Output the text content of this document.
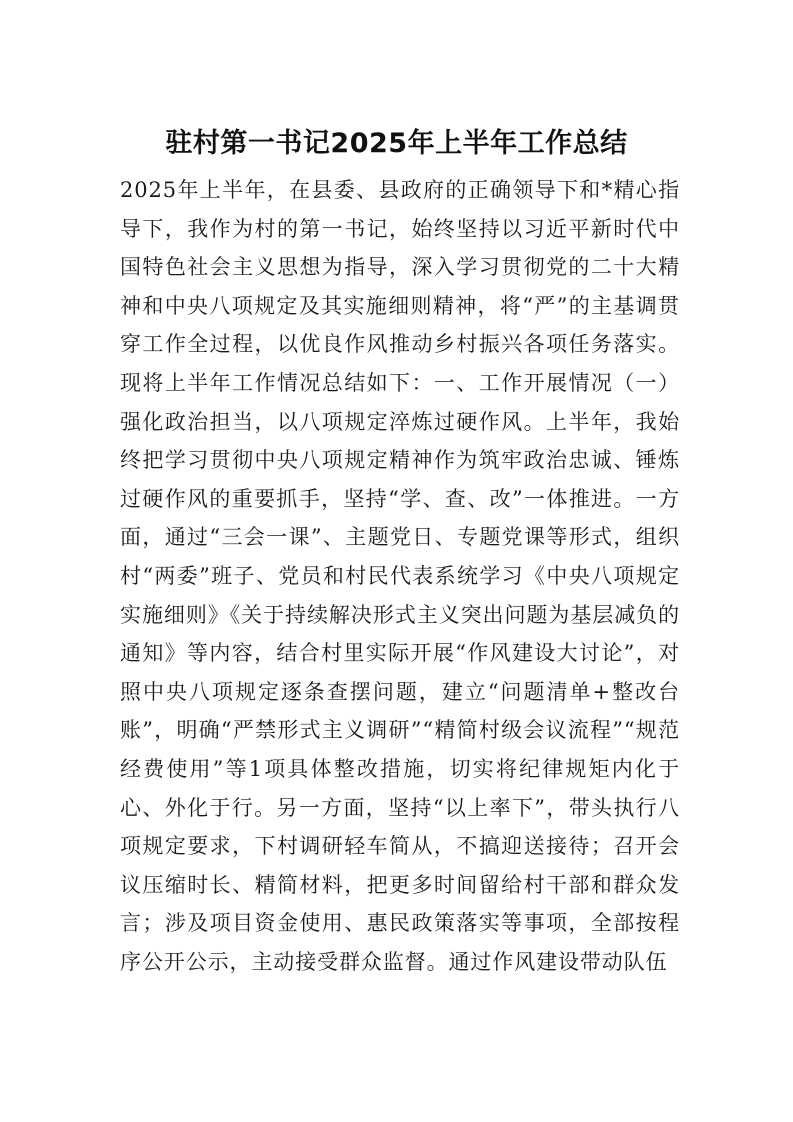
驻村第一书记2025年上半年工作总结

2025年上半年，在县委、县政府的正确领导下和*精心指导下，我作为村的第一书记，始终坚持以习近平新时代中国特色社会主义思想为指导，深入学习贯彻党的二十大精神和中央八项规定及其实施细则精神，将“严”的主基调贯穿工作全过程，以优良作风推动乡村振兴各项任务落实。现将上半年工作情况总结如下：一、工作开展情况（一）强化政治担当，以八项规定淬炼过硬作风。上半年，我始终把学习贯彻中央八项规定精神作为筑牢政治忠诚、锤炼过硬作风的重要抓手，坚持“学、查、改”一体推进。一方面，通过“三会一课”、主题党日、专题党课等形式，组织村“两委”班子、党员和村民代表系统学习《中央八项规定实施细则》《关于持续解决形式主义突出问题为基层减负的通知》等内容，结合村里实际开展“作风建设大讨论”，对照中央八项规定逐条查摆问题，建立“问题清单+整改台账”，明确“严禁形式主义调研”“精简村级会议流程”“规范经费使用”等1项具体整改措施，切实将纪律规矩内化于心、外化于行。另一方面，坚持“以上率下”，带头执行八项规定要求，下村调研轻车简从，不搞迎送接待；召开会议压缩时长、精简材料，把更多时间留给村干部和群众发言；涉及项目资金使用、惠民政策落实等事项，全部按程序公开公示，主动接受群众监督。通过作风建设带动队伍
